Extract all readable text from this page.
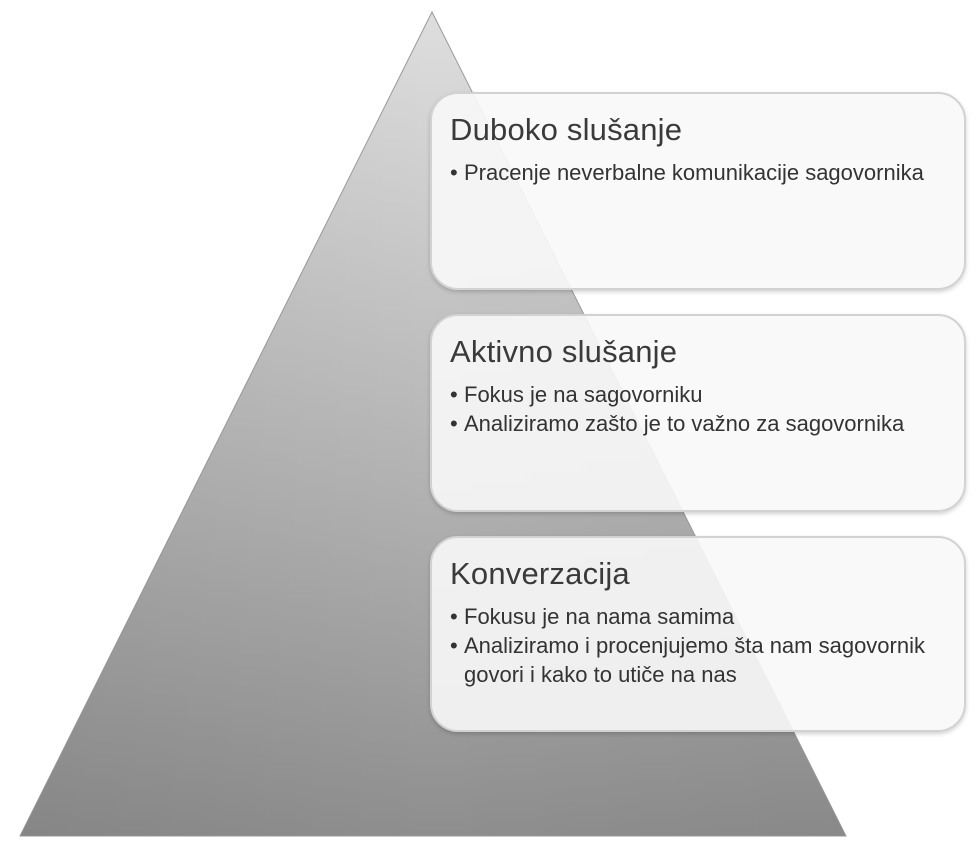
Duboko slušanje
• Pracenje neverbalne komunikacije sagovornika
Aktivno slušanje
• Fokus je na sagovorniku
• Analiziramo zašto je to važno za sagovornika
Konverzacija
• Fokusu je na nama samima
• Analiziramo i procenjujemo šta nam sagovornik govori i kako to utiče na nas
